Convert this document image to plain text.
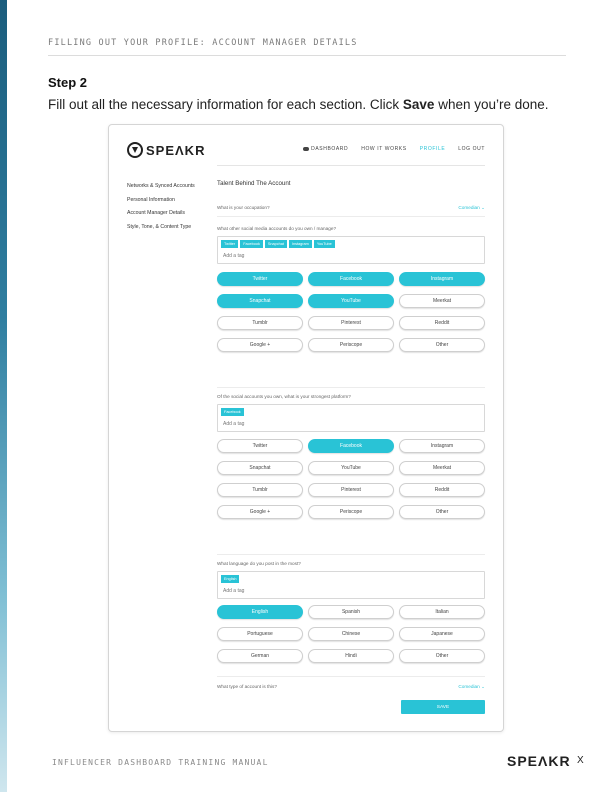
FILLING OUT YOUR PROFILE: ACCOUNT MANAGER DETAILS
Step 2
Fill out all the necessary information for each section. Click Save when you’re done.
SPEΛKR	DASHBOARD	HOW IT WORKS	PROFILE	LOG OUT
Networks & Synced Accounts
Personal Information
Account Manager Details
Style, Tone, & Content Type
Talent Behind The Account
What is your occupation?	Comedian ⌄
What other social media accounts do you own / manage?
Twitter	Facebook	Snapchat	Instagram	YouTube
Add a tag
Twitter	Facebook	Instagram
Snapchat	YouTube	Meerkat
Tumblr	Pinterest	Reddit
Google +	Periscope	Other
Of the social accounts you own, what is your strongest platform?
Facebook
Add a tag
Twitter	Facebook	Instagram
Snapchat	YouTube	Meerkat
Tumblr	Pinterest	Reddit
Google +	Periscope	Other
What language do you post in the most?
English
Add a tag
English	Spanish	Italian
Portuguese	Chinese	Japanese
German	Hindi	Other
What type of account is this?	Comedian ⌄
SAVE
INFLUENCER DASHBOARD TRAINING MANUAL	SPEΛKR X
